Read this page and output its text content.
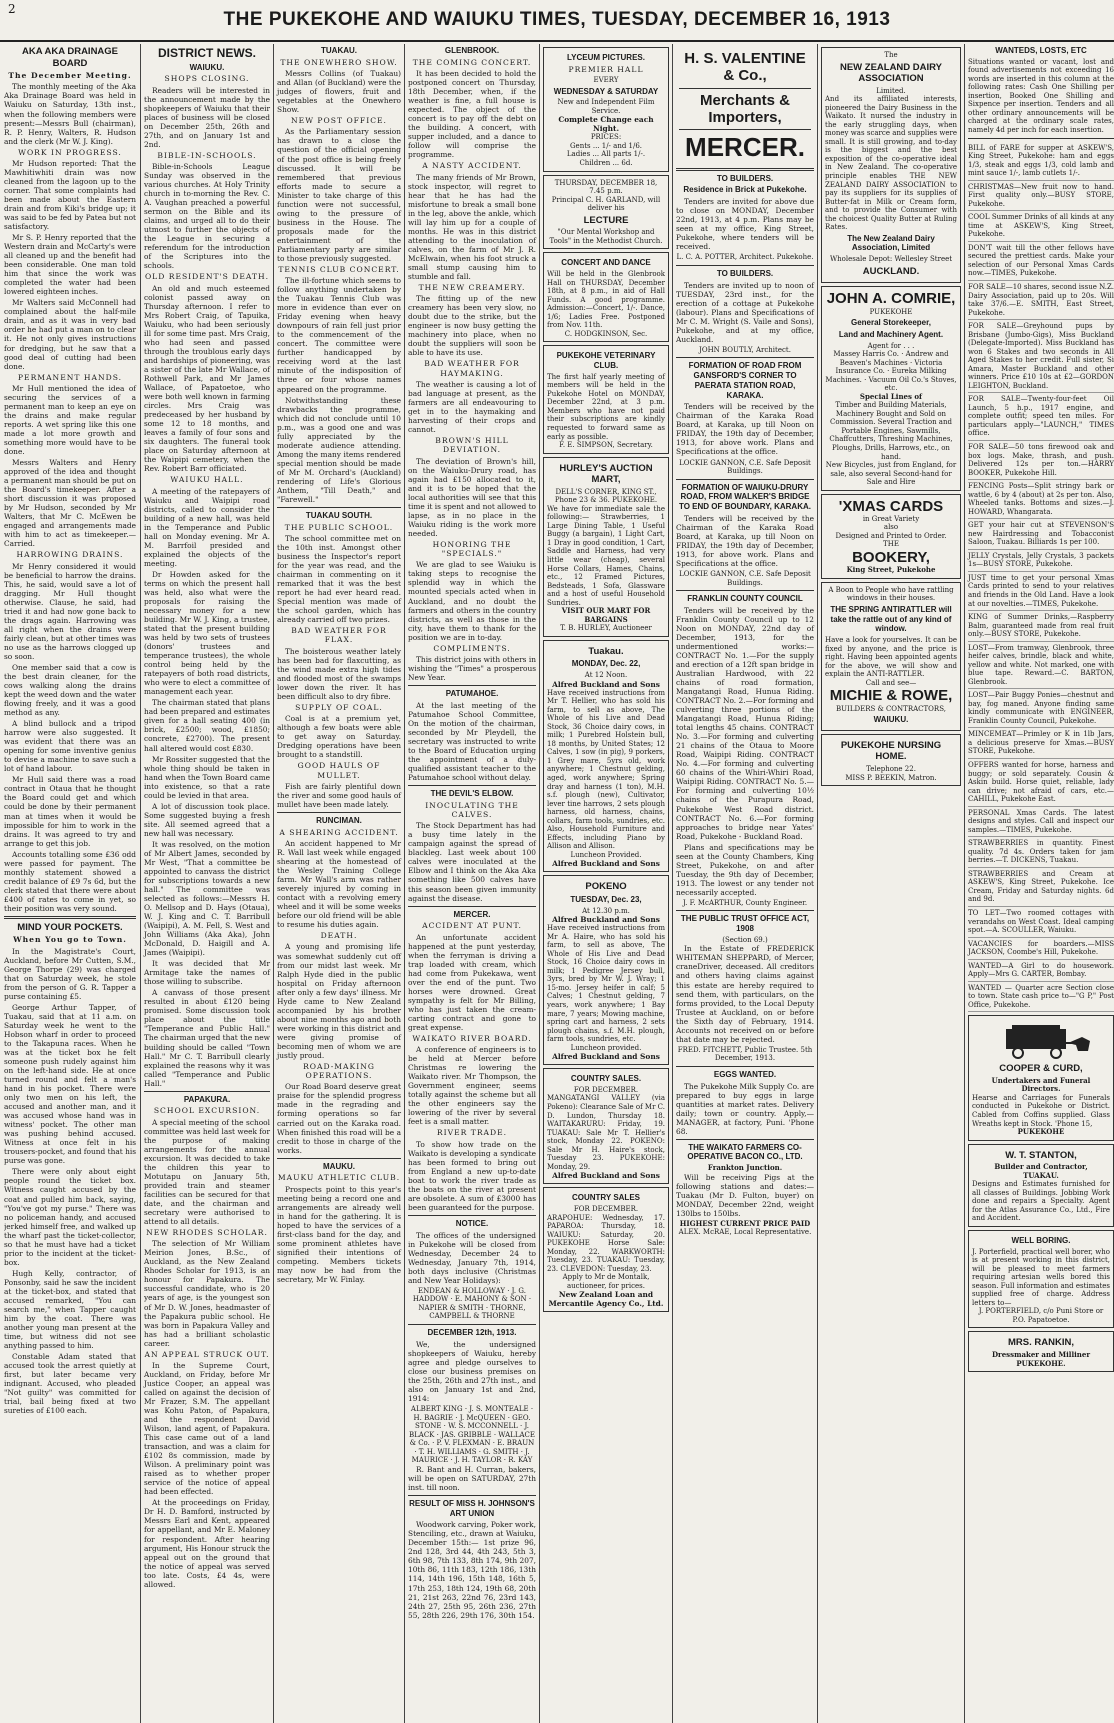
2	THE PUKEKOHE AND WAIUKU TIMES, TUESDAY, DECEMBER 16, 1913
AKA AKA DRAINAGE BOARD
The December Meeting.

The monthly meeting of the Aka Aka Drainage Board was held in Waiuku on Saturday, 13th inst., when the following members were present:—Messrs Bull (chairman), R. P. Henry, Walters, R. Hudson and the clerk (Mr W. J. King).

WORK IN PROGRESS.

Mr Hudson reported: That the Mawhitiwhiti drain was now cleaned from the lagoon up to the corner. That some complaints had been made about the Eastern drain and from Kiki's bridge up; it was said to be fed by Patea but not satisfactory.

Mr S. P. Henry reported that the Western drain and McCarty's were all cleaned up and the benefit had been considerable. One man told him that since the work was completed the water had been lowered eighteen inches.

Mr Walters said McConnell had complained about the half-mile drain, and as it was in very bad order he had put a man on to clear it. He not only gives instructions for dredging, but he saw that a good deal of cutting had been done.

PERMANENT HANDS.

Mr Hull mentioned the idea of securing the services of a permanent man to keep an eye on the drains and make regular reports. A wet spring like this one made a lot more growth and something more would have to be done.

Messrs Walters and Henry approved of the idea and thought a permanent man should be put on the Board's timekeeper. After a short discussion it was proposed by Mr Hudson, seconded by Mr Walters, that Mr C. McEwen be engaged and arrangements made with him to act as timekeeper.—Carried.

HARROWING DRAINS.

Mr Henry considered it would be beneficial to harrow the drains. This, he said, would save a lot of dragging. Mr Hull thought otherwise. Clause, he said, had tried it and had now gone back to the drags again. Harrowing was all right when the drains were fairly clean, but at other times was no use as the harrows clogged up so soon.

One member said that a cow is the best drain cleaner, for the cows walking along the drains kept the weed down and the water flowing freely, and it was a good method as any.

A blind bullock and a tripod harrow were also suggested. It was evident that there was an opening for some inventive genius to devise a machine to save such a lot of hand labour.

Mr Hull said there was a road contract in Otaua that he thought the Board could get and which could be done by their permanent man at times when it would be impossible for him to work in the drains. It was agreed to try and arrange to get this job.

Accounts totalling some £36 odd were passed for payment. The monthly statement showed a credit balance of £9 7s 6d, but the clerk stated that there were about £400 of rates to come in yet, so their position was very sound.

MIND YOUR POCKETS.
When You go to Town.

In the Magistrate's Court, Auckland, before Mr Cutten, S.M., George Thorpe (29) was charged that on Saturday week, he stole from the person of G. R. Tapper a purse containing £5.

George Arthur Tapper, of Tuakau, said that at 11 a.m. on Saturday week he went to the Hobson wharf in order to proceed to the Takapuna races. When he was at the ticket box he felt someone push rudely against him on the left-hand side. He at once turned round and felt a man's hand in his pocket. There were only two men on his left, the accused and another man, and it was accused whose hand was in witness' pocket. The other man was pushing behind accused. Witness at once felt in his trousers-pocket, and found that his purse was gone.

There were only about eight people round the ticket box. Witness caught accused by the coat and pulled him back, saying, "You've got my purse." There was no policeman handy, and accused jerked himself free, and walked up the wharf past the ticket-collector, so that he must have had a ticket prior to the incident at the ticket-box.

Hugh Kelly, contractor, of Ponsonby, said he saw the incident at the ticket-box, and stated that accused remarked, "You can search me," when Tapper caught him by the coat. There was another young man present at the time, but witness did not see anything passed to him.

Constable Adam stated that accused took the arrest quietly at first, but later became very indignant. Accused, who pleaded "Not guilty" was committed for trial, bail being fixed at two sureties of £100 each.

DISTRICT NEWS.
WAIUKU.
SHOPS CLOSING.

Readers will be interested in the announcement made by the shopkeepers of Waiuku that their places of business will be closed on December 25th, 26th and 27th, and on January 1st and 2nd.

BIBLE-IN-SCHOOLS.

Bible-in-Schools League Sunday was observed in the various churches. At Holy Trinity church in to-morning the Rev. C. A. Vaughan preached a powerful sermon on the Bible and its claims, and urged all to do their utmost to further the objects of the League in securing a referendum for the introduction of the Scriptures into the schools.

OLD RESIDENT'S DEATH.

An old and much esteemed colonist passed away on Thursday afternoon. I refer to Mrs Robert Craig, of Tapuika, Waiuku, who had been seriously ill for some time past. Mrs Craig, who had seen and passed through the troublous early days and hardships of pioneering, was a sister of the late Mr Wallace, of Rothwell Park, and Mr James Wallace, of Papatoetoe, who were both well known in farming circles. Mrs Craig was predeceased by her husband by some 12 to 18 months, and leaves a family of four sons and six daughters. The funeral took place on Saturday afternoon at the Waipipi cemetery, when the Rev. Robert Barr officiated.

WAIUKU HALL.

A meeting of the ratepayers of Waiuku and Waipipi road districts, called to consider the building of a new hall, was held in the Temperance and Public hall on Monday evening. Mr A. M. Barrfoil presided and explained the objects of the meeting.

Dr Howden asked for the terms on which the present hall was held, also what were the proposals for raising the necessary money for a new building. Mr W. J. King, a trustee, stated that the present building was held by two sets of trustees (donors' trustees and temperance trustees), the whole control being held by the ratepayers of both road districts, who were to elect a committee of management each year.

The chairman stated that plans had been prepared and estimates given for a hall seating 400 (in brick, £2500; wood, £1850; concrete, £2700). The present hall altered would cost £830.

Mr Rossiter suggested that the whole thing should be taken in hand when the Town Board came into existence, so that a rate could be levied in that area.

A lot of discussion took place. Some suggested buying a fresh site. All seemed agreed that a new hall was necessary.

It was resolved, on the motion of Mr Albert James, seconded by Mr West, "That a committee be appointed to canvass the district for subscriptions towards a new hall." The committee was selected as follows:—Messrs H. O. Mellsop and D. Hays (Otaua), W. J. King and C. T. Barribull (Waipipi), A. M. Fell, S. West and John Williams (Aka Aka), John McDonald, D. Haigill and A. James (Waipipi).

It was decided that Mr Armitage take the names of those willing to subscribe.

A canvass of those present resulted in about £120 being promised. Some discussion took place about the title "Temperance and Public Hall." The chairman urged that the new building should be called "Town Hall." Mr C. T. Barribull clearly explained the reasons why it was called "Temperance and Public Hall."

PAPAKURA.
SCHOOL EXCURSION.

A special meeting of the school committee was held last week for the purpose of making arrangements for the annual excursion. It was decided to take the children this year to Motutapu on January 5th, provided train and steamer facilities can be secured for that date, and the chairman and secretary were authorised to attend to all details.

NEW RHODES SCHOLAR.

The selection of Mr William Meirion Jones, B.Sc., of Auckland, as the New Zealand Rhodes Scholar for 1913, is an honour for Papakura. The successful candidate, who is 20 years of age, is the youngest son of Mr D. W. Jones, headmaster of the Papakura public school. He was born in Papakura Valley and has had a brilliant scholastic career.

AN APPEAL STRUCK OUT.

In the Supreme Court, Auckland, on Friday, before Mr Justice Cooper, an appeal was called on against the decision of Mr Frazer, S.M. The appellant was Kohu Paton, of Papakura, and the respondent David Wilson, land agent, of Papakura. This case came out of a land transaction, and was a claim for £102 8s commission, made by Wilson. A preliminary point was raised as to whether proper service of the notice of appeal had been effected.

At the proceedings on Friday, Dr H. D. Bamford, instructed by Messrs Earl and Kent, appeared for appellant, and Mr E. Maloney for respondent. After hearing argument, His Honour struck the appeal out on the ground that the notice of appeal was served too late. Costs, £4 4s, were allowed.

TUAKAU.
THE ONEWHERO SHOW.

Messrs Collins (of Tuakau) and Allan (of Buckland) were the judges of flowers, fruit and vegetables at the Onewhero Show.

NEW POST OFFICE.

As the Parliamentary session has drawn to a close the question of the official opening of the post office is being freely discussed. It will be remembered that previous efforts made to secure a Minister to take charge of this function were not successful, owing to the pressure of business in the House. The proposals made for the entertainment of the Parliamentary party are similar to those previously suggested.

TENNIS CLUB CONCERT.

The ill-fortune which seems to follow anything undertaken by the Tuakau Tennis Club was more in evidence than ever on Friday evening when heavy downpours of rain fell just prior to the commencement of the concert. The committee were further handicapped by receiving word at the last minute of the indisposition of three or four whose names appeared on the programme.

Notwithstanding these drawbacks the programme, which did not conclude until 10 p.m., was a good one and was fully appreciated by the moderate audience attending. Among the many items rendered special mention should be made of Mr M. Orchard's (Auckland) rendering of Life's Glorious Anthem, "Till Death," and "Farewell."

TUAKAU SOUTH.
THE PUBLIC SCHOOL.

The school committee met on the 10th inst. Amongst other business the Inspector's report for the year was read, and the chairman in commenting on it remarked that it was the best report he had ever heard read. Special mention was made of the school garden, which has already carried off two prizes.

BAD WEATHER FOR FLAX.

The boisterous weather lately has been bad for flaxcutting, as the wind made extra high tides and flooded most of the swamps lower down the river. It has been difficult also to dry fibre.

SUPPLY OF COAL.

Coal is at a premium yet, although a few boats were able to get away on Saturday. Dredging operations have been brought to a standstill.

GOOD HAULS OF MULLET.

Fish are fairly plentiful down the river and some good hauls of mullet have been made lately.

RUNCIMAN.
A SHEARING ACCIDENT.

An accident happened to Mr R. Wall last week while engaged shearing at the homestead of the Wesley Training College farm. Mr Wall's arm was rather severely injured by coming in contact with a revolving emery wheel and it will be some weeks before our old friend will be able to resume his duties again.

DEATH.

A young and promising life was somewhat suddenly cut off from our midst last week. Mr Ralph Hyde died in the public hospital on Friday afternoon after only a few days' illness. Mr Hyde came to New Zealand accompanied by his brother about nine months ago and both were working in this district and were giving promise of becoming men of whom we are justly proud.

ROAD-MAKING OPERATIONS.

Our Road Board deserve great praise for the splendid progress made in the regrading and forming operations so far carried out on the Karaka road. When finished this road will be a credit to those in charge of the works.

MAUKU.
MAUKU ATHLETIC CLUB.

Prospects point to this year's meeting being a record one and arrangements are already well in hand for the gathering. It is hoped to have the services of a first-class band for the day, and some prominent athletes have signified their intentions of competing. Members tickets may now be had from the secretary, Mr W. Finlay.

GLENBROOK.
THE COMING CONCERT.

It has been decided to hold the postponed concert on Thursday, 18th December, when, if the weather is fine, a full house is expected. The object of the concert is to pay off the debt on the building. A concert, with supper included, and a dance to follow will comprise the programme.

A NASTY ACCIDENT.

The many friends of Mr Brown, stock inspector, will regret to hear that he has had the misfortune to break a small bone in the leg, above the ankle, which will lay him up for a couple of months. He was in this district attending to the inoculation of calves, on the farm of Mr J. R. McElwain, when his foot struck a small stump causing him to stumble and fall.

THE NEW CREAMERY.

The fitting up of the new creamery has been very slow, no doubt due to the strike, but the engineer is now busy getting the machinery into place, when no doubt the suppliers will soon be able to have its use.

BAD WEATHER FOR HAYMAKING.

The weather is causing a lot of bad language at present, as the farmers are all endeavouring to get in to the haymaking and harvesting of their crops and cannot.

BROWN'S HILL DEVIATION.

The deviation of Brown's hill, on the Waiuku-Drury road, has again had £150 allocated to it, and it is to be hoped that the local authorities will see that this time it is spent and not allowed to lapse, as in no place in the Waiuku riding is the work more needed.

HONORING THE "SPECIALS."

We are glad to see Waiuku is taking steps to recognise the splendid way in which the mounted specials acted when in Auckland, and no doubt the farmers and others in the country districts, as well as those in the city, have them to thank for the position we are in to-day.

COMPLIMENTS.

This district joins with others in wishing the "Times" a prosperous New Year.

PATUMAHOE.

At the last meeting of the Patumahoe School Committee, On the motion of the chairman, seconded by Mr Pleydell, the secretary was instructed to write to the Board of Education urging the appointment of a duly-qualified assistant teacher to the Patumahoe school without delay.

THE DEVIL'S ELBOW.
INOCULATING THE CALVES.

The Stock Department has had a busy time lately in the campaign against the spread of blackleg. Last week about 100 calves were inoculated at the Elbow and I think on the Aka Aka something like 500 calves have this season been given immunity against the disease.

MERCER.
ACCIDENT AT PUNT.

An unfortunate accident happened at the punt yesterday, when the ferryman is driving a trap loaded with cream, which had come from Pukekawa, went over the end of the punt. Two horses were drowned. Great sympathy is felt for Mr Billing, who has just taken the cream-carting contract and gone to great expense.

WAIKATO RIVER BOARD.

A conference of engineers is to be held at Mercer before Christmas re lowering the Waikato river. Mr Thompson, the Government engineer, seems totally against the scheme but all the other engineers say the lowering of the river by several feet is a small matter.

RIVER TRADE.

To show how trade on the Waikato is developing a syndicate has been formed to bring out from England a new up-to-date boat to work the river trade as the boats on the river at present are obsolete. A sum of £3000 has been guaranteed for the purpose.

NOTICE.

The offices of the undersigned in Pukekohe will be closed from Wednesday, December 24 to Wednesday, January 7th, 1914, both days inclusive (Christmas and New Year Holidays):

ENDEAN & HOLLOWAY · J. G. HADDOW · E. MAHONY & SON · NAPIER & SMITH · THORNE, CAMPBELL & THORNE
DECEMBER 12th, 1913.

We, the undersigned shopkeepers of Waiuku, hereby agree and pledge ourselves to close our business premises on the 25th, 26th and 27th inst., and also on January 1st and 2nd, 1914:

ALBERT KING · J. S. MONTEALE · H. BAGRIE · J. McQUEEN · GEO. STONE · W. S. MCCONNELL · J. BLACK · JAS. GRIBBLE · WALLACE & Co. · P. V. FLEXMAN · E. BRAUN · T. H. WILLIAMS · G. SMITH · J. MAURICE · J. H. TAYLOR · R. KAY

R. Bant and H. Curran, bakers, will be open on SATURDAY, 27th inst. till noon.

RESULT OF MISS H. JOHNSON'S ART UNION

Woodwork carving, Poker work, Stenciling, etc., drawn at Waiuku, December 15th:— 1st prize 96, 2nd 128, 3rd 44, 4th 243, 5th 3, 6th 98, 7th 133, 8th 174, 9th 207, 10th 86, 11th 183, 12th 186, 13th 114, 14th 196, 15th 148, 16th 5, 17th 253, 18th 124, 19th 68, 20th 21, 21st 263, 22nd 76, 23rd 143, 24th 27, 25th 95, 26th 236, 27th 55, 28th 226, 29th 176, 30th 154.

LYCEUM PICTURES.
PREMIER HALL
EVERY
WEDNESDAY & SATURDAY
New and Independent Film Service.
Complete Change each Night.
PRICES:
Gents ... 1/- and 1/6.
Ladies ... All parts 1/-.
Children ... 6d.
THURSDAY, DECEMBER 18, 7.45 p.m.
Principal C. H. GARLAND, will deliver his
LECTURE
"Our Mental Workshop and Tools" in the Methodist Church.
CONCERT AND DANCE
Will be held in the Glenbrook Hall on THURSDAY, December 18th, at 8 p.m., in aid of Hall Funds. A good programme. Admission:—Concert, 1/-. Dance, 1/6; Ladies Free. Postponed from Nov. 11th.
C. HODGKINSON, Sec.
PUKEKOHE VETERINARY CLUB.
The first half yearly meeting of members will be held in the Pukekohe Hotel on MONDAY, December 22nd, at 3 p.m. Members who have not paid their subscriptions are kindly requested to forward same as early as possible.
F. E. SIMPSON, Secretary.
HURLEY'S AUCTION MART,
DELL'S CORNER, KING ST., Phone 23 & 36. PUKEKOHE.
We have for immediate sale the following:— Strawberries, 1 Large Dining Table, 1 Useful Buggy (a bargain), 1 Light Cart, 1 Dray in good condition, 1 Cart, Saddle and Harness, had very little wear (cheap), several Horse Collars, Hames, Chains, etc., 12 Framed Pictures, Bedsteads, 1 Sofa, Glassware and a host of useful Household Sundries.
VISIT OUR MART FOR BARGAINS
T. B. HURLEY, Auctioneer
Tuakau.
MONDAY, Dec. 22,
At 12 Noon.
Alfred Buckland and Sons
Have received instructions from Mr T. Hellier, who has sold his farm, to sell as above, The Whole of his Live and Dead Stock, 36 Choice dairy cows, in milk; 1 Purebred Holstein bull, 18 months, by United States; 12 Calves, 1 sow (in pig), 9 porkers, 1 Grey mare, 5yrs old, work anywhere; 1 Chestnut gelding, aged, work anywhere; Spring dray and harness (1 ton), M.H. s.f. plough (new), Cultivator, lever tine harrows, 2 sets plough harness, old harness, chains, collars, farm tools, sundries, etc. Also, Household Furniture and Effects, including Piano by Allison and Allison.
Luncheon Provided.
Alfred Buckland and Sons
POKENO
TUESDAY, Dec. 23,
At 12.30 p.m.
Alfred Buckland and Sons
Have received instructions from Mr A. Haire, who has sold his farm, to sell as above, The Whole of His Live and Dead Stock, 16 Choice dairy cows in milk; 1 Pedigree Jersey bull, 3yrs, bred by Mr W. J. Wray; 1 15-mo. Jersey heifer in calf; 5 Calves; 1 Chestnut gelding, 7 years, work anywhere; 1 Bay mare, 7 years; Mowing machine, spring cart and harness, 2 sets plough chains, s.f. M.H. plough, farm tools, sundries, etc.
Luncheon provided.
Alfred Buckland and Sons
COUNTRY SALES.
FOR DECEMBER.
MANGATANGI VALLEY (via Pokeno): Clearance Sale of Mr C. D. Lundon, Thursday 18. WAITAKARURU: Friday, 19. TUAKAU: Sale Mr T. Hellier's stock, Monday 22. POKENO: Sale Mr H. Haire's stock, Tuesday 23. PUKEKOHE: Monday, 29.
Alfred Buckland and Sons
COUNTRY SALES
FOR DECEMBER.
ARAPOHUE: Wednesday, 17. PAPAROA: Thursday, 18. WAIUKU: Saturday, 20. PUKEKOHE Horse Sale: Monday, 22. WARKWORTH: Tuesday, 23. TUAKAU: Tuesday, 23. CLEVEDON: Tuesday, 23.
Apply to Mr de Montalk, auctioneer, for prices.
New Zealand Loan and Mercantile Agency Co., Ltd.
H. S. VALENTINE & Co.,
Merchants & Importers,
MERCER.
TO BUILDERS.
Residence in Brick at Pukekohe.

Tenders are invited for above due to close on MONDAY, December 22nd, 1913, at 4 p.m. Plans may be seen at my office, King Street, Pukekohe, where tenders will be received.

L. C. A. POTTER, Architect. Pukekohe.
TO BUILDERS.

Tenders are invited up to noon of TUESDAY, 23rd inst., for the erection of a cottage at Pukekohe (labour). Plans and Specifications of Mr C. M. Wright (S. Vaile and Sons), Pukekohe, and at my office, Auckland.

JOHN BOUTLY, Architect.
FORMATION OF ROAD FROM GANSFORD'S CORNER TO PAERATA STATION ROAD, KARAKA.

Tenders will be received by the Chairman of the Karaka Road Board, at Karaka, up till Noon on FRIDAY, the 19th day of December, 1913, for above work. Plans and Specifications at the office.

LOCKIE GANNON, C.E. Safe Deposit Buildings.
FORMATION OF WAIUKU-DRURY ROAD, FROM WALKER'S BRIDGE TO END OF BOUNDARY, KARAKA.

Tenders will be received by the Chairman of the Karaka Road Board, at Karaka, up till Noon on FRIDAY, the 19th day of December, 1913, for above work. Plans and Specifications at the office.

LOCKIE GANNON, C.E. Safe Deposit Buildings.
FRANKLIN COUNTY COUNCIL

Tenders will be received by the Franklin County Council up to 12 Noon on MONDAY, 22nd day of December, 1913, for the undermentioned works:— CONTRACT No. 1.—For the supply and erection of a 12ft span bridge in Australian Hardwood, with 22 chains of road formation, Mangatangi Road, Hunua Riding. CONTRACT No. 2.—For forming and culverting three portions of the Mangatangi Road, Hunua Riding; total lengths 45 chains. CONTRACT No. 3.—For forming and culverting 21 chains of the Otaua to Moore Road, Waipipi Riding. CONTRACT No. 4.—For forming and culverting 60 chains of the Whiri-Whiri Road, Waipipi Riding. CONTRACT No. 5.—For forming and culverting 10½ chains of the Purapura Road, Pukekohe West Road district. CONTRACT No. 6.—For forming approaches to bridge near Yates' Road, Pukekohe - Buckland Road.

Plans and specifications may be seen at the County Chambers, King Street, Pukekohe, on and after Tuesday, the 9th day of December, 1913. The lowest or any tender not necessarily accepted.

J. F. McARTHUR, County Engineer.
THE PUBLIC TRUST OFFICE ACT, 1908
(Section 69.)

In the Estate of FREDERICK WHITEMAN SHEPPARD, of Mercer, craneDriver, deceased. All creditors and others having claims against this estate are hereby required to send them, with particulars, on the forms provided, to the Local Deputy Trustee at Auckland, on or before the Sixth day of February, 1914. Accounts not received on or before that date may be rejected.

FRED. FITCHETT, Public Trustee. 5th December, 1913.
EGGS WANTED.

The Pukekohe Milk Supply Co. are prepared to buy eggs in large quantities at market rates. Delivery daily; town or country. Apply,— MANAGER, at factory, Puni. 'Phone 68.

THE WAIKATO FARMERS CO-OPERATIVE BACON CO., LTD.
Frankton Junction.

Will be receiving Pigs at the following stations and dates:— Tuakau (Mr D. Fulton, buyer) on MONDAY, December 22nd, weight 130lbs to 150lbs.

HIGHEST CURRENT PRICE PAID
ALEX. McRAE, Local Representative.
The
NEW ZEALAND DAIRY ASSOCIATION
Limited.
And its affiliated interests, pioneered the Dairy Business in the Waikato. It nursed the industry in the early struggling days, when money was scarce and supplies were small. It is still growing, and to-day is the biggest and the best exposition of the co-operative ideal in New Zealand. The co-operative principle enables THE NEW ZEALAND DAIRY ASSOCIATION to pay its suppliers for its supplies of Butter-fat in Milk or Cream form, and to provide the Consumer with the choicest Quality Butter at Ruling Rates.
The New Zealand Dairy Association, Limited
Wholesale Depot: Wellesley Street
AUCKLAND.
JOHN A. COMRIE,
PUKEKOHE
General Storekeeper,
Land and Machinery Agent.
Agent for . . .
Massey Harris Co. · Andrew and Beaven's Machines · Victoria Insurance Co. · Eureka Milking Machines. · Vacuum Oil Co.'s Stoves, etc.
Special Lines of
Timber and Building Materials, Machinery Bought and Sold on Commission. Several Traction and Portable Engines, Sawmills, Chaffcutters, Threshing Machines, Ploughs, Drills, Harrows, etc., on hand.
New Bicycles, just from England, for sale, also several Second-hand for Sale and Hire
'XMAS CARDS
in Great Variety
also
Designed and Printed to Order.
THE
BOOKERY,
King Street, Pukekohe
A Boon to People who have rattling windows in their houses.
THE SPRING ANTIRATTLER will take the rattle out of any kind of window.
Have a look for yourselves. It can be fixed by anyone, and the price is right. Having been appointed agents for the above, we will show and explain the ANTI-RATTLER.
Call and see—
MICHIE & ROWE,
BUILDERS & CONTRACTORS,
WAIUKU.
PUKEKOHE NURSING HOME.
Telephone 22.
MISS P. BEEKIN, Matron.
WANTEDS, LOSTS, ETC
Situations wanted or vacant, lost and found advertisements not exceeding 16 words are inserted in this column at the following rates: Cash One Shilling per insertion, Booked One Shilling and Sixpence per insertion. Tenders and all other ordinary announcements will be charged at the ordinary scale rates, namely 4d per inch for each insertion.
BILL of FARE for supper at ASKEW'S, King Street, Pukekohe: ham and eggs 1/3, steak and eggs 1/3, cold lamb and mint sauce 1/-, lamb cutlets 1/-.
CHRISTMAS—New fruit now to hand. First quality only.—BUSY STORE, Pukekohe.
COOL Summer Drinks of all kinds at any time at ASKEW'S, King Street, Pukekohe.
DON'T wait till the other fellows have secured the prettiest cards. Make your selection of our Personal Xmas Cards now.—TIMES, Pukekohe.
FOR SALE—10 shares, second issue N.Z. Dairy Association, paid up to 20s. Will take 37/6.—E. SMITH, East Street, Pukekohe.
FOR SALE—Greyhound pups by Brisbane (Jumbo-Gigs), Miss Buckland (Delegate-Imported). Miss Buckland has won 6 Stakes and two seconds in All Aged Stakes to her credit. Full sister, Si Amara, Master Buckland and other winners. Price £10 10s at £2—GORDON LEIGHTON, Buckland.
FOR SALE—Twenty-four-feet Oil Launch, 5 h.p., 1917 engine, and complete outfit; speed ten miles. For particulars apply—"LAUNCH," TIMES office.
FOR SALE—50 tons firewood oak and box logs. Make, thrash, and push. Delivered 12s per ton.—HARRY BOOKER, Pukekohe Hill.
FENCING Posts—Split stringy bark or wattle, 6 by 4 (about) at 2s per ton. Also, Wheeled tanks. Bottoms and sizes.—J. HOWARD, Whangarata.
GET your hair cut at STEVENSON'S new Hairdressing and Tobacconist Saloon, Tuakau. Billiards 1s per 100.
JELLY Crystals, Jelly Crystals, 3 packets 1s—BUSY STORE, Pukekohe.
JUST time to get your personal Xmas Cards printed to send to your relatives and friends in the Old Land. Have a look at our novelties.—TIMES, Pukekohe.
KING of Summer Drinks,—Raspberry Balm, guaranteed made from real fruit only.—BUSY STORE, Pukekohe.
LOST—From tramway, Glenbrook, three heifer calves, brindle, black and white, yellow and white. Not marked, one with blue tape. Reward.—C. BARTON, Glenbrook.
LOST—Pair Buggy Ponies—chestnut and bay, fog maned. Anyone finding same kindly communicate with ENGINEER, Franklin County Council, Pukekohe.
MINCEMEAT—Primley or K in 1lb Jars, a delicious preserve for Xmas.—BUSY STORE, Pukekohe.
OFFERS wanted for horse, harness and buggy; or sold separately. Cousin & Askin build. Horse quiet, reliable, lady can drive; not afraid of cars, etc.—CAHILL, Pukekohe East.
PERSONAL Xmas Cards. The latest designs and styles. Call and inspect our samples.—TIMES, Pukekohe.
STRAWBERRIES in quantity. Finest quality. 7d 4s. Orders taken for jam berries.—T. DICKENS, Tuakau.
STRAWBERRIES and Cream at ASKEW'S, King Street, Pukekohe. Ice Cream, Friday and Saturday nights. 6d and 9d.
TO LET—Two roomed cottages with verandahs on West Coast. Ideal camping spot.—A. SCOULLER, Waiuku.
VACANCIES for boarders.—MISS JACKSON, Coombe's Hill, Pukekohe.
WANTED—A Girl to do housework. Apply—Mrs G. CARTER, Bombay.
WANTED — Quarter acre Section close to town. State cash price to—"G P," Post Office, Pukekohe.
COOPER & CURD,
Undertakers and Funeral Directors.
Hearse and Carriages for Funerals conducted in Pukekohe or District. Cabled from Coffins supplied. Glass Wreaths kept in Stock. 'Phone 15,
PUKEKOHE
W. T. STANTON,
Builder and Contractor,
TUAKAU.
Designs and Estimates furnished for all classes of Buildings. Jobbing Work done and repairs a Specialty. Agent for the Atlas Assurance Co., Ltd., Fire and Accident.
WELL BORING.
J. Porterfield, practical well borer, who is at present working in this district, will be pleased to meet farmers requiring artesian wells bored this season. Full information and estimates supplied free of charge. Address letters to—
J. PORTERFIELD, c/o Puni Store or P.O. Papatoetoe.
MRS. RANKIN,
Dressmaker and Milliner
PUKEKOHE.
